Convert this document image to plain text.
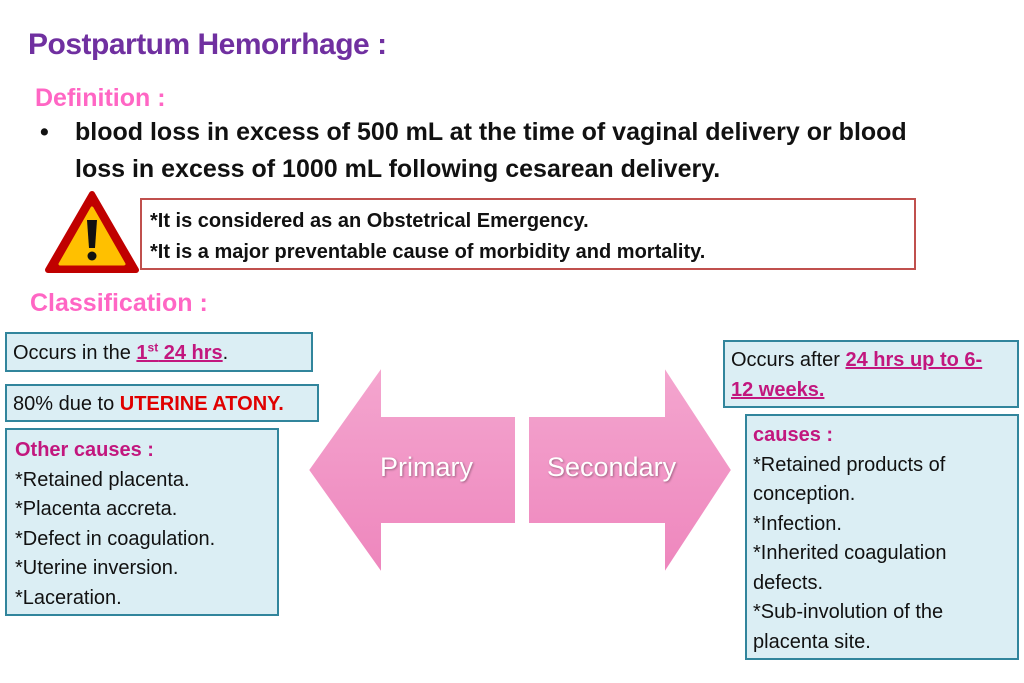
Postpartum Hemorrhage :
Definition :
• blood loss in excess of 500 mL at the time of vaginal delivery or blood loss in excess of 1000 mL following cesarean delivery.
*It is considered as an Obstetrical Emergency.
*It is a major preventable cause of morbidity and mortality.
Classification :
Occurs in the 1st 24 hrs.
80% due to UTERINE ATONY.
Other causes :
*Retained placenta.
*Placenta accreta.
*Defect in coagulation.
*Uterine inversion.
*Laceration.
Primary	Secondary
Occurs after 24 hrs up to 6-
12 weeks.
causes :
*Retained products of conception.
*Infection.
*Inherited coagulation defects.
*Sub-involution of the placenta site.
